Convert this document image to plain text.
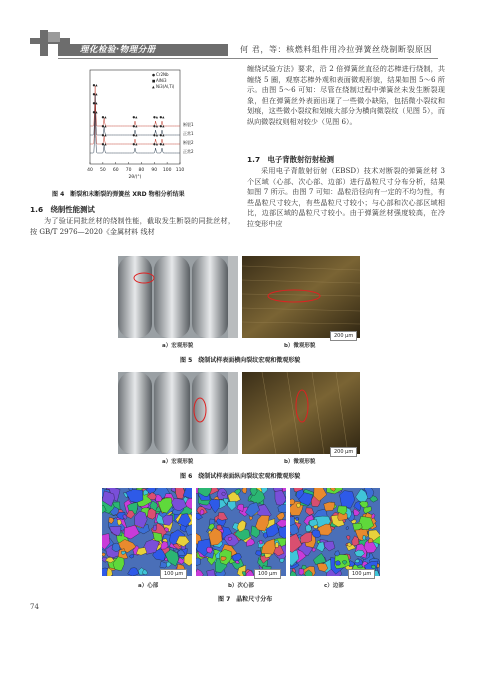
理化检验·物理分册	何 君，等：核燃料组件用冷拉弹簧丝绕制断裂原因
40 50 60 70 80 90 100 110
2θ/(°)
● Cr2Nb
■ AlNi3
▲ Ni3(Al,Ti)
●▲
●▲	●▲	●▲ ●▲
断裂1
●▲
●▲	●▲	●▲ ●▲
正常1
●▲
●▲	●▲	●▲ ●▲
断裂2
●▲
●▲	●▲	●▲ ●▲
正常2
图 4　断裂和未断裂的弹簧丝 XRD 物相分析结果
1.6　绕制性能测试
为了验证同批丝材的绕制性能，截取发生断裂的同批丝材，按 GB/T 2976—2020《金属材料 线材
缠绕试验方法》要求，沿 2 倍弹簧丝直径的芯棒进行绕制，共缠绕 5 圈，观察芯棒外观和表面微观形貌，结果如图 5～6 所示。由图 5～6 可知：尽管在绕制过程中弹簧丝未发生断裂现象，但在弹簧丝外表面出现了一些微小缺陷，包括微小裂纹和划痕，这些微小裂纹和划痕大部分为横向微裂纹（见图 5），而纵向微裂纹则相对较少（见图 6）。
1.7　电子背散射衍射检测
采用电子背散射衍射（EBSD）技术对断裂的弹簧丝材 3 个区域（心部、次心部、边部）进行晶粒尺寸分布分析，结果如图 7 所示。由图 7 可知：晶粒沿径向有一定的不均匀性，有些晶粒尺寸较大，有些晶粒尺寸较小；与心部和次心部区域相比，边部区域的晶粒尺寸较小。由于弹簧丝材强度较高，在冷拉变形中应
200 μm
a）宏观形貌	b）微观形貌
图 5　绕制试样表面横向裂纹宏观和微观形貌
200 μm
a）宏观形貌	b）微观形貌
图 6　绕制试样表面纵向裂纹宏观和微观形貌
100 μm	100 μm	100 μm
a）心部	b）次心部	c）边部
图 7　晶粒尺寸分布
74
